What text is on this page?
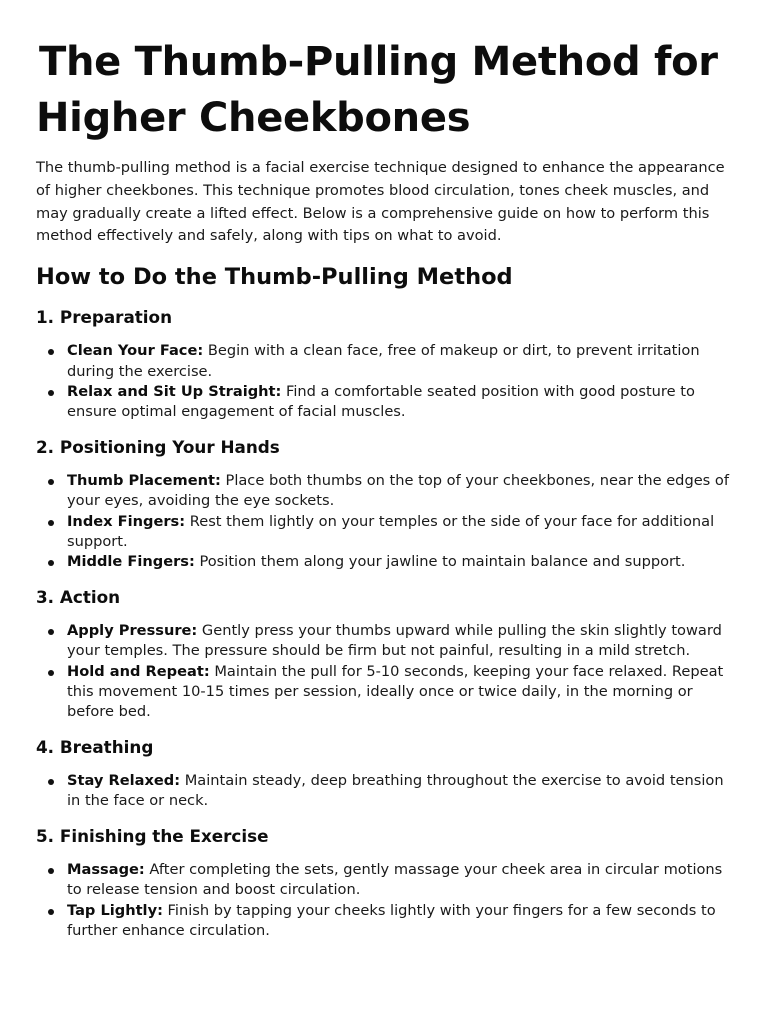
The Thumb-Pulling Method for
Higher Cheekbones

The thumb-pulling method is a facial exercise technique designed to enhance the appearance of higher cheekbones. This technique promotes blood circulation, tones cheek muscles, and may gradually create a lifted effect. Below is a comprehensive guide on how to perform this method effectively and safely, along with tips on what to avoid.

How to Do the Thumb-Pulling Method
1. Preparation
Clean Your Face: Begin with a clean face, free of makeup or dirt, to prevent irritation during the exercise.
Relax and Sit Up Straight: Find a comfortable seated position with good posture to ensure optimal engagement of facial muscles.
2. Positioning Your Hands
Thumb Placement: Place both thumbs on the top of your cheekbones, near the edges of your eyes, avoiding the eye sockets.
Index Fingers: Rest them lightly on your temples or the side of your face for additional support.
Middle Fingers: Position them along your jawline to maintain balance and support.
3. Action
Apply Pressure: Gently press your thumbs upward while pulling the skin slightly toward your temples. The pressure should be firm but not painful, resulting in a mild stretch.
Hold and Repeat: Maintain the pull for 5-10 seconds, keeping your face relaxed. Repeat this movement 10-15 times per session, ideally once or twice daily, in the morning or before bed.
4. Breathing
Stay Relaxed: Maintain steady, deep breathing throughout the exercise to avoid tension in the face or neck.
5. Finishing the Exercise
Massage: After completing the sets, gently massage your cheek area in circular motions to release tension and boost circulation.
Tap Lightly: Finish by tapping your cheeks lightly with your fingers for a few seconds to further enhance circulation.
